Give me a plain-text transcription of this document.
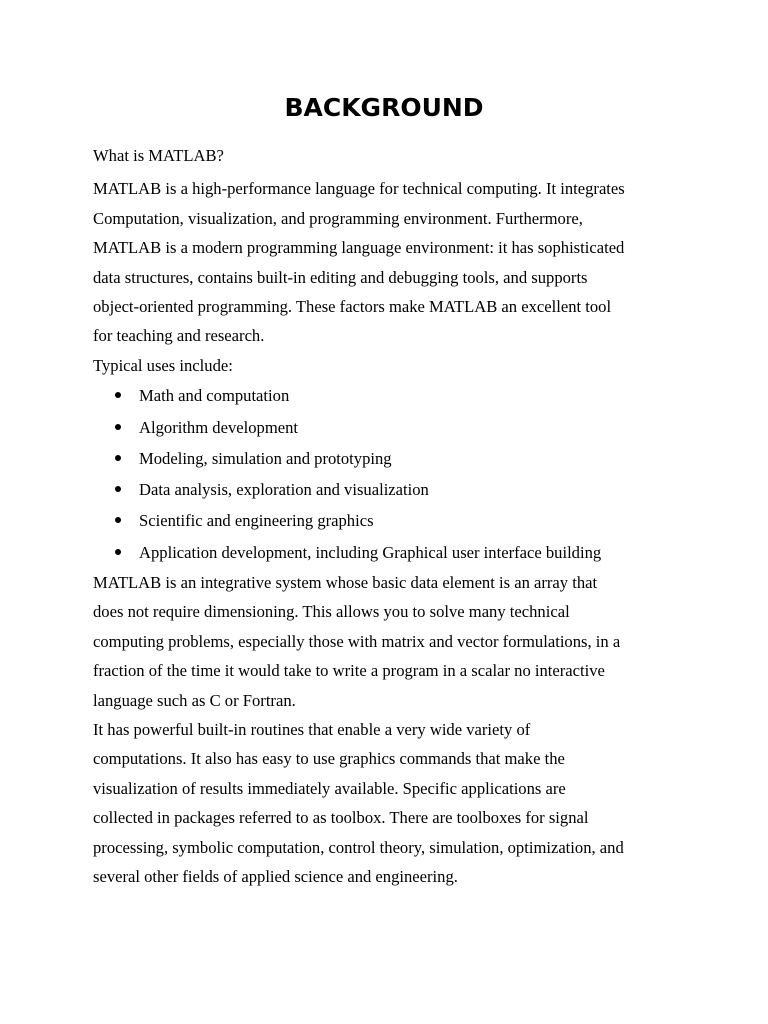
BACKGROUND

What is MATLAB?

MATLAB is a high-performance language for technical computing. It integrates
Computation, visualization, and programming environment. Furthermore,
MATLAB is a modern programming language environment: it has sophisticated
data structures, contains built-in editing and debugging tools, and supports
object-oriented programming. These factors make MATLAB an excellent tool
for teaching and research.

Typical uses include:

Math and computation
Algorithm development
Modeling, simulation and prototyping
Data analysis, exploration and visualization
Scientific and engineering graphics
Application development, including Graphical user interface building

MATLAB is an integrative system whose basic data element is an array that
does not require dimensioning. This allows you to solve many technical
computing problems, especially those with matrix and vector formulations, in a
fraction of the time it would take to write a program in a scalar no interactive
language such as C or Fortran.

It has powerful built-in routines that enable a very wide variety of
computations. It also has easy to use graphics commands that make the
visualization of results immediately available. Specific applications are
collected in packages referred to as toolbox. There are toolboxes for signal
processing, symbolic computation, control theory, simulation, optimization, and
several other fields of applied science and engineering.
